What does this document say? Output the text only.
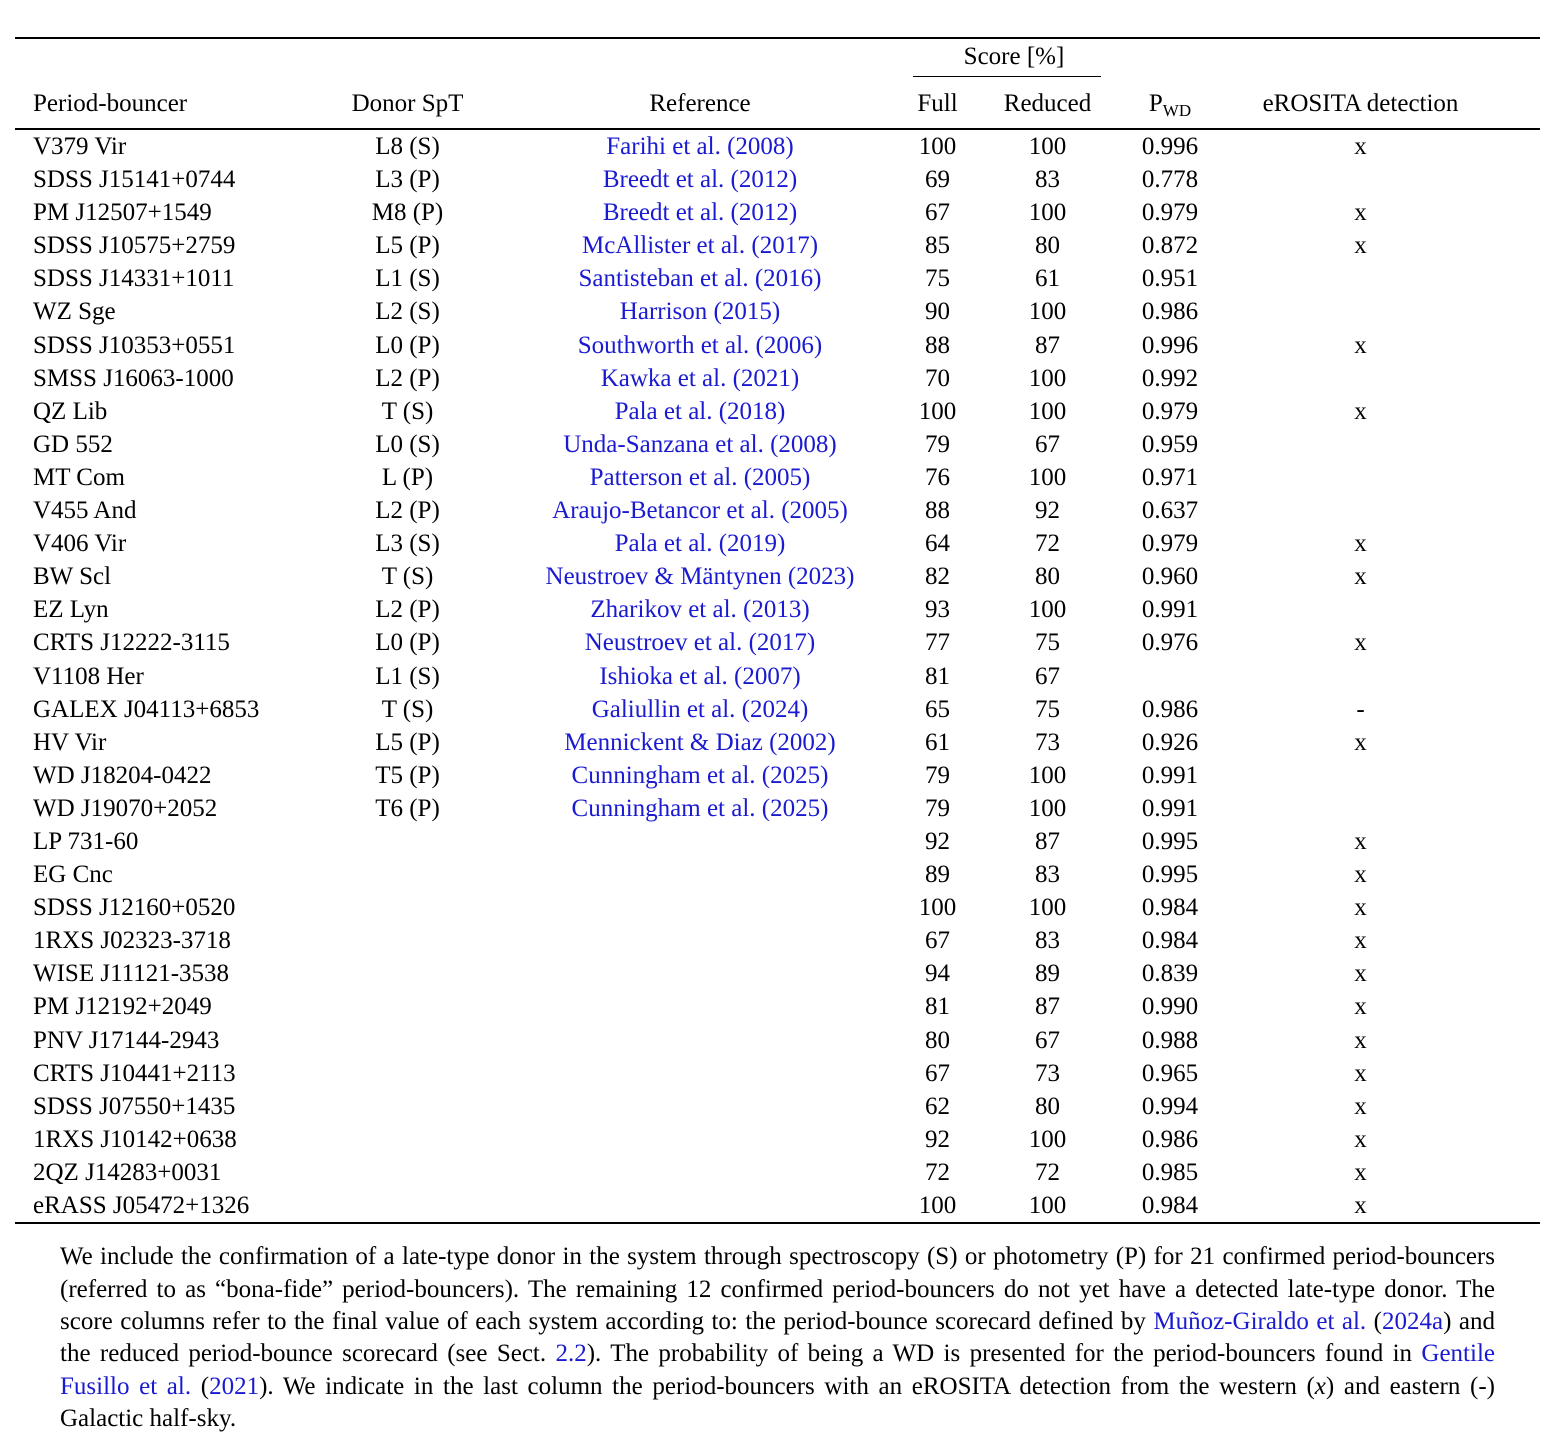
			Score [%]			

Period-bouncer	Donor SpT	Reference	Full	Reduced	$P_{WD}$	eROSITA detection
V379 Vir	L8 (S)	Farihi et al. (2008)	100	100	0.996	x
SDSS J15141+0744	L3 (P)	Breedt et al. (2012)	69	83	0.778	
PM J12507+1549	M8 (P)	Breedt et al. (2012)	67	100	0.979	x
SDSS J10575+2759	L5 (P)	McAllister et al. (2017)	85	80	0.872	x
SDSS J14331+1011	L1 (S)	Santisteban et al. (2016)	75	61	0.951	
WZ Sge	L2 (S)	Harrison (2015)	90	100	0.986	
SDSS J10353+0551	L0 (P)	Southworth et al. (2006)	88	87	0.996	x
SMSS J16063-1000	L2 (P)	Kawka et al. (2021)	70	100	0.992	
QZ Lib	T (S)	Pala et al. (2018)	100	100	0.979	x
GD 552	L0 (S)	Unda-Sanzana et al. (2008)	79	67	0.959	
MT Com	L (P)	Patterson et al. (2005)	76	100	0.971	
V455 And	L2 (P)	Araujo-Betancor et al. (2005)	88	92	0.637	
V406 Vir	L3 (S)	Pala et al. (2019)	64	72	0.979	x
BW Scl	T (S)	Neustroev & Mäntynen (2023)	82	80	0.960	x
EZ Lyn	L2 (P)	Zharikov et al. (2013)	93	100	0.991	
CRTS J12222-3115	L0 (P)	Neustroev et al. (2017)	77	75	0.976	x
V1108 Her	L1 (S)	Ishioka et al. (2007)	81	67		
GALEX J04113+6853	T (S)	Galiullin et al. (2024)	65	75	0.986	-
HV Vir	L5 (P)	Mennickent & Diaz (2002)	61	73	0.926	x
WD J18204-0422	T5 (P)	Cunningham et al. (2025)	79	100	0.991	
WD J19070+2052	T6 (P)	Cunningham et al. (2025)	79	100	0.991	
LP 731-60			92	87	0.995	x
EG Cnc			89	83	0.995	x
SDSS J12160+0520			100	100	0.984	x
1RXS J02323-3718			67	83	0.984	x
WISE J11121-3538			94	89	0.839	x
PM J12192+2049			81	87	0.990	x
PNV J17144-2943			80	67	0.988	x
CRTS J10441+2113			67	73	0.965	x
SDSS J07550+1435			62	80	0.994	x
1RXS J10142+0638			92	100	0.986	x
2QZ J14283+0031			72	72	0.985	x
eRASS J05472+1326			100	100	0.984	x
We include the confirmation of a late-type donor in the system through spectroscopy (S) or photometry (P) for 21 confirmed period-bouncers (referred to as “bona-fide” period-bouncers). The remaining 12 confirmed period-bouncers do not yet have a detected late-type donor. The score columns refer to the final value of each system according to: the period-bounce scorecard defined by Muñoz-Giraldo et al. (2024a) and the reduced period-bounce scorecard (see Sect. 2.2). The probability of being a WD is presented for the period-bouncers found in Gentile Fusillo et al. (2021). We indicate in the last column the period-bouncers with an eROSITA detection from the western (x) and eastern (-) Galactic half-sky.
